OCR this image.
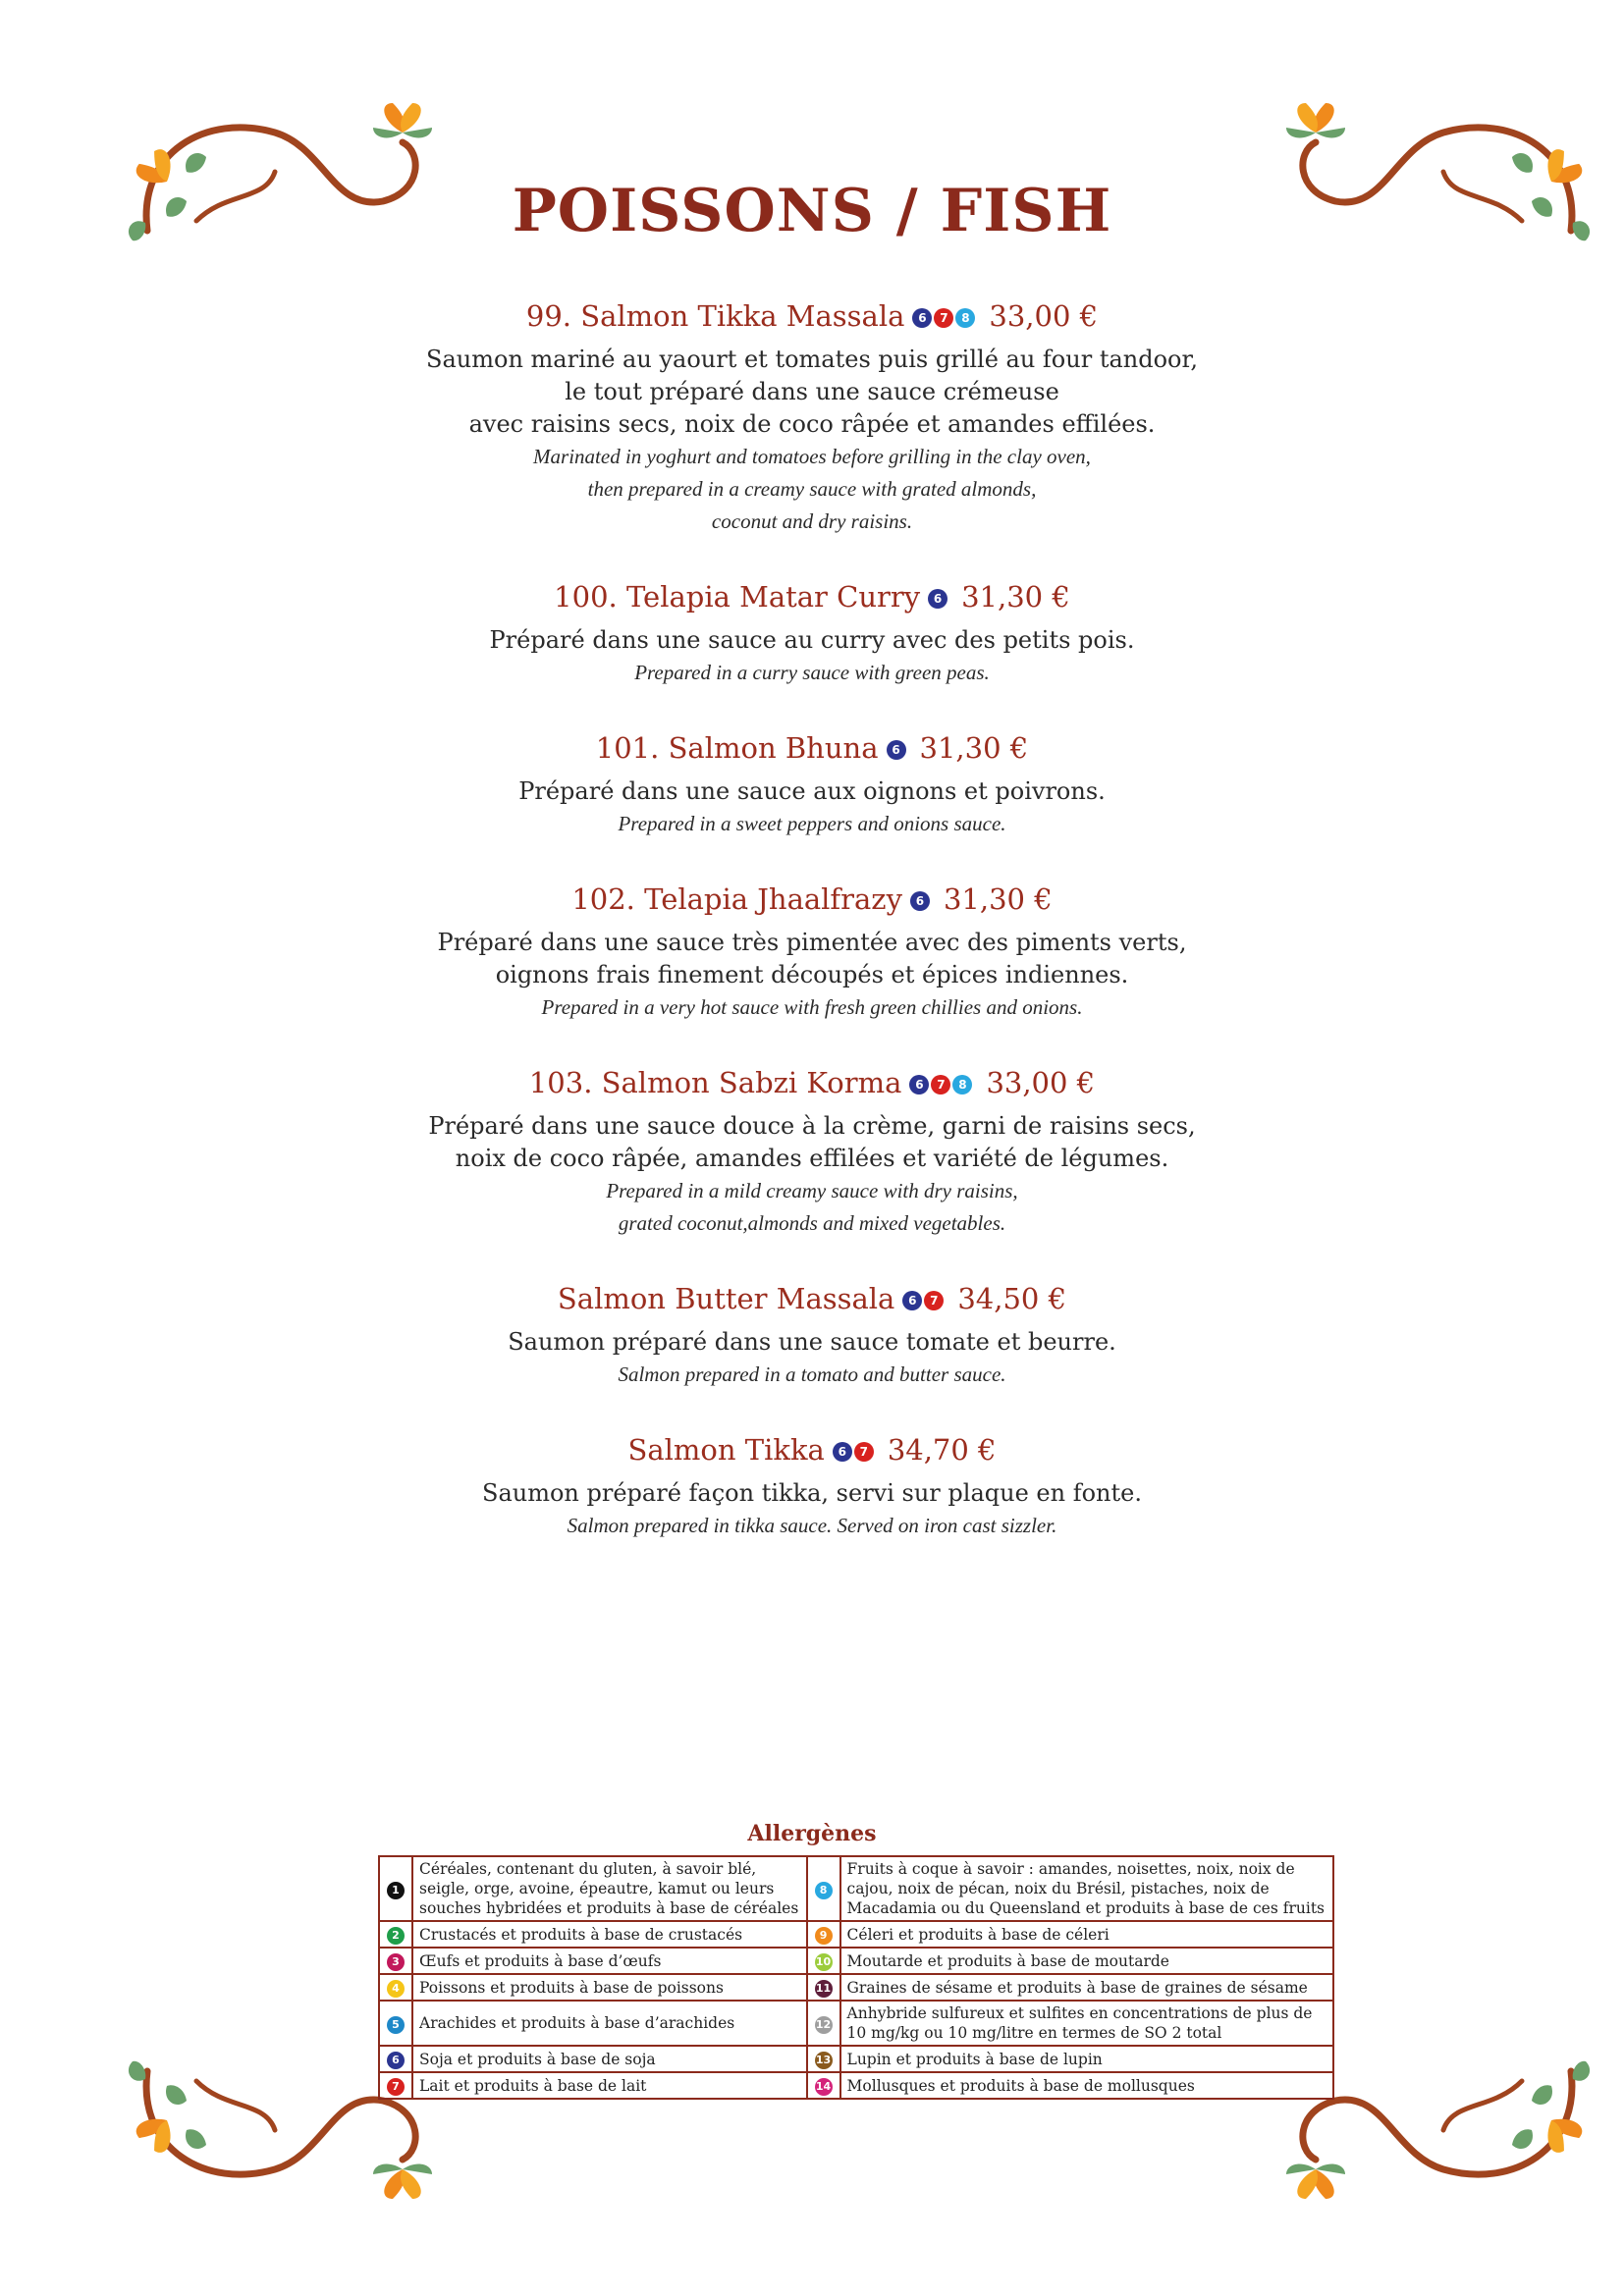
POISSONS / FISH
99. Salmon Tikka Massala 6 7 8 33,00 €
Saumon mariné au yaourt et tomates puis grillé au four tandoor,
le tout préparé dans une sauce crémeuse
avec raisins secs, noix de coco râpée et amandes effilées.
Marinated in yoghurt and tomatoes before grilling in the clay oven,
then prepared in a creamy sauce with grated almonds,
coconut and dry raisins.
100. Telapia Matar Curry 6 31,30 €
Préparé dans une sauce au curry avec des petits pois.
Prepared in a curry sauce with green peas.
101. Salmon Bhuna 6 31,30 €
Préparé dans une sauce aux oignons et poivrons.
Prepared in a sweet peppers and onions sauce.
102. Telapia Jhaalfrazy 6 31,30 €
Préparé dans une sauce très pimentée avec des piments verts,
oignons frais finement découpés et épices indiennes.
Prepared in a very hot sauce with fresh green chillies and onions.
103. Salmon Sabzi Korma 6 7 8 33,00 €
Préparé dans une sauce douce à la crème, garni de raisins secs,
noix de coco râpée, amandes effilées et variété de légumes.
Prepared in a mild creamy sauce with dry raisins,
grated coconut,almonds and mixed vegetables.
Salmon Butter Massala 6 7 34,50 €
Saumon préparé dans une sauce tomate et beurre.
Salmon prepared in a tomato and butter sauce.
Salmon Tikka 6 7 34,70 €
Saumon préparé façon tikka, servi sur plaque en fonte.
Salmon prepared in tikka sauce. Served on iron cast sizzler.
Allergènes
1	Céréales, contenant du gluten, à savoir blé, seigle, orge, avoine, épeautre, kamut ou leurs souches hybridées et produits à base de céréales	8	Fruits à coque à savoir : amandes, noisettes, noix, noix de cajou, noix de pécan, noix du Brésil, pistaches, noix de Macadamia ou du Queensland et produits à base de ces fruits
2	Crustacés et produits à base de crustacés	9	Céleri et produits à base de céleri
3	Œufs et produits à base d’œufs	10	Moutarde et produits à base de moutarde
4	Poissons et produits à base de poissons	11	Graines de sésame et produits à base de graines de sésame
5	Arachides et produits à base d’arachides	12	Anhybride sulfureux et sulfites en concentrations de plus de 10 mg/kg ou 10 mg/litre en termes de SO 2 total
6	Soja et produits à base de soja	13	Lupin et produits à base de lupin
7	Lait et produits à base de lait	14	Mollusques et produits à base de mollusques
